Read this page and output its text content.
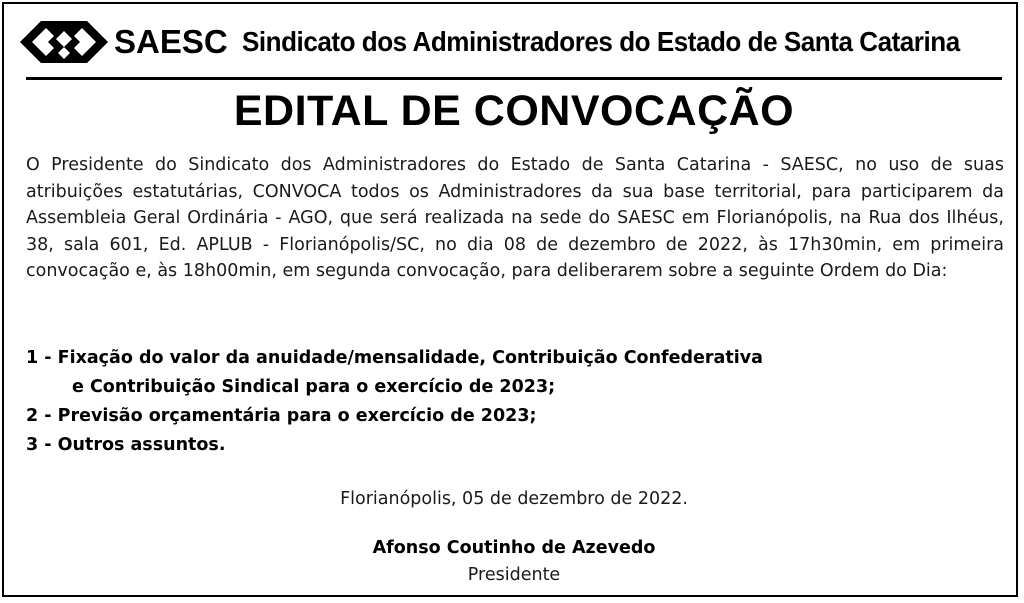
SAESC Sindicato dos Administradores do Estado de Santa Catarina
EDITAL DE CONVOCAÇÃO
O Presidente do Sindicato dos Administradores do Estado de Santa Catarina - SAESC, no uso de suas atribuições estatutárias, CONVOCA todos os Administradores da sua base territorial, para participarem da Assembleia Geral Ordinária - AGO, que será realizada na sede do SAESC em Florianópolis, na Rua dos Ilhéus, 38, sala 601, Ed. APLUB - Florianópolis/SC, no dia 08 de dezembro de 2022, às 17h30min, em primeira convocação e, às 18h00min, em segunda convocação, para deliberarem sobre a seguinte Ordem do Dia:
1 - Fixação do valor da anuidade/mensalidade, Contribuição Confederativa
e Contribuição Sindical para o exercício de 2023;
2 - Previsão orçamentária para o exercício de 2023;
3 - Outros assuntos.
Florianópolis, 05 de dezembro de 2022.
Afonso Coutinho de Azevedo
Presidente
